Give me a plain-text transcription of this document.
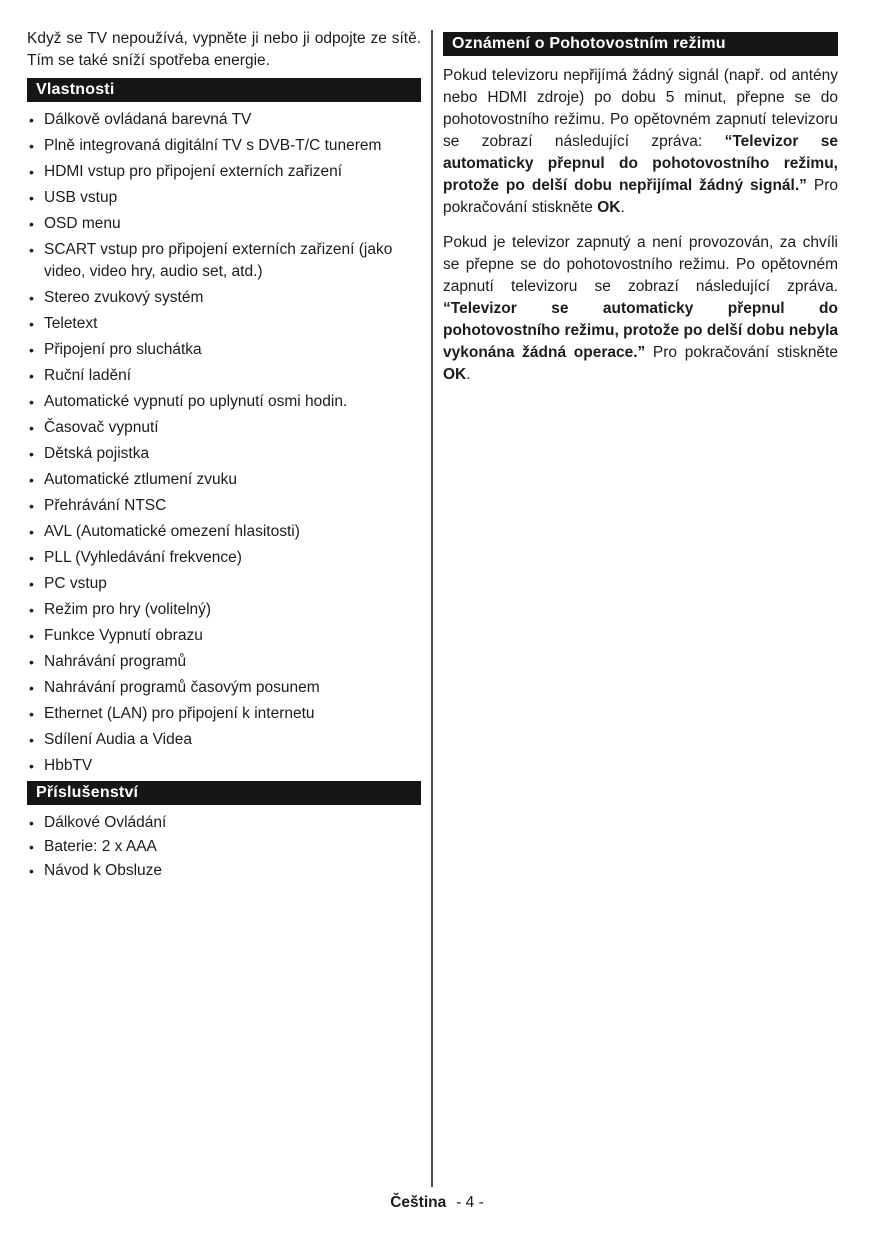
Když se TV nepoužívá, vypněte ji nebo ji odpojte ze sítě. Tím se také sníží spotřeba energie.

Vlastnosti
• Dálkově ovládaná barevná TV
• Plně integrovaná digitální TV s DVB-T/C tunerem
• HDMI vstup pro připojení externích zařizení
• USB vstup
• OSD menu
• SCART vstup pro připojení externích zařizení (jako video, video hry, audio set, atd.)
• Stereo zvukový systém
• Teletext
• Připojení pro sluchátka
• Ruční ladění
• Automatické vypnutí po uplynutí osmi hodin.
• Časovač vypnutí
• Dětská pojistka
• Automatické ztlumení zvuku
• Přehrávání NTSC
• AVL (Automatické omezení hlasitosti)
• PLL (Vyhledávání frekvence)
• PC vstup
• Režim pro hry (volitelný)
• Funkce Vypnutí obrazu
• Nahrávání programů
• Nahrávání programů časovým posunem
• Ethernet (LAN) pro připojení k internetu
• Sdílení Audia a Videa
• HbbTV
Příslušenství
• Dálkové Ovládání
• Baterie: 2 x AAA
• Návod k Obsluze
Oznámení o Pohotovostním režimu

Pokud televizoru nepřijímá žádný signál (např. od antény nebo HDMI zdroje) po dobu 5 minut, přepne se do pohotovostního režimu. Po opětovném zapnutí televizoru se zobrazí následující zpráva: “Televizor se automaticky přepnul do pohotovostního režimu, protože po delší dobu nepřijímal žádný signál.” Pro pokračování stiskněte OK.

Pokud je televizor zapnutý a není provozován, za chvíli se přepne se do pohotovostního režimu. Po opětovném zapnutí televizoru se zobrazí následující zpráva. “Televizor se automaticky přepnul do pohotovostního režimu, protože po delší dobu nebyla vykonána žádná operace.” Pro pokračování stiskněte OK.

Čeština - 4 -
